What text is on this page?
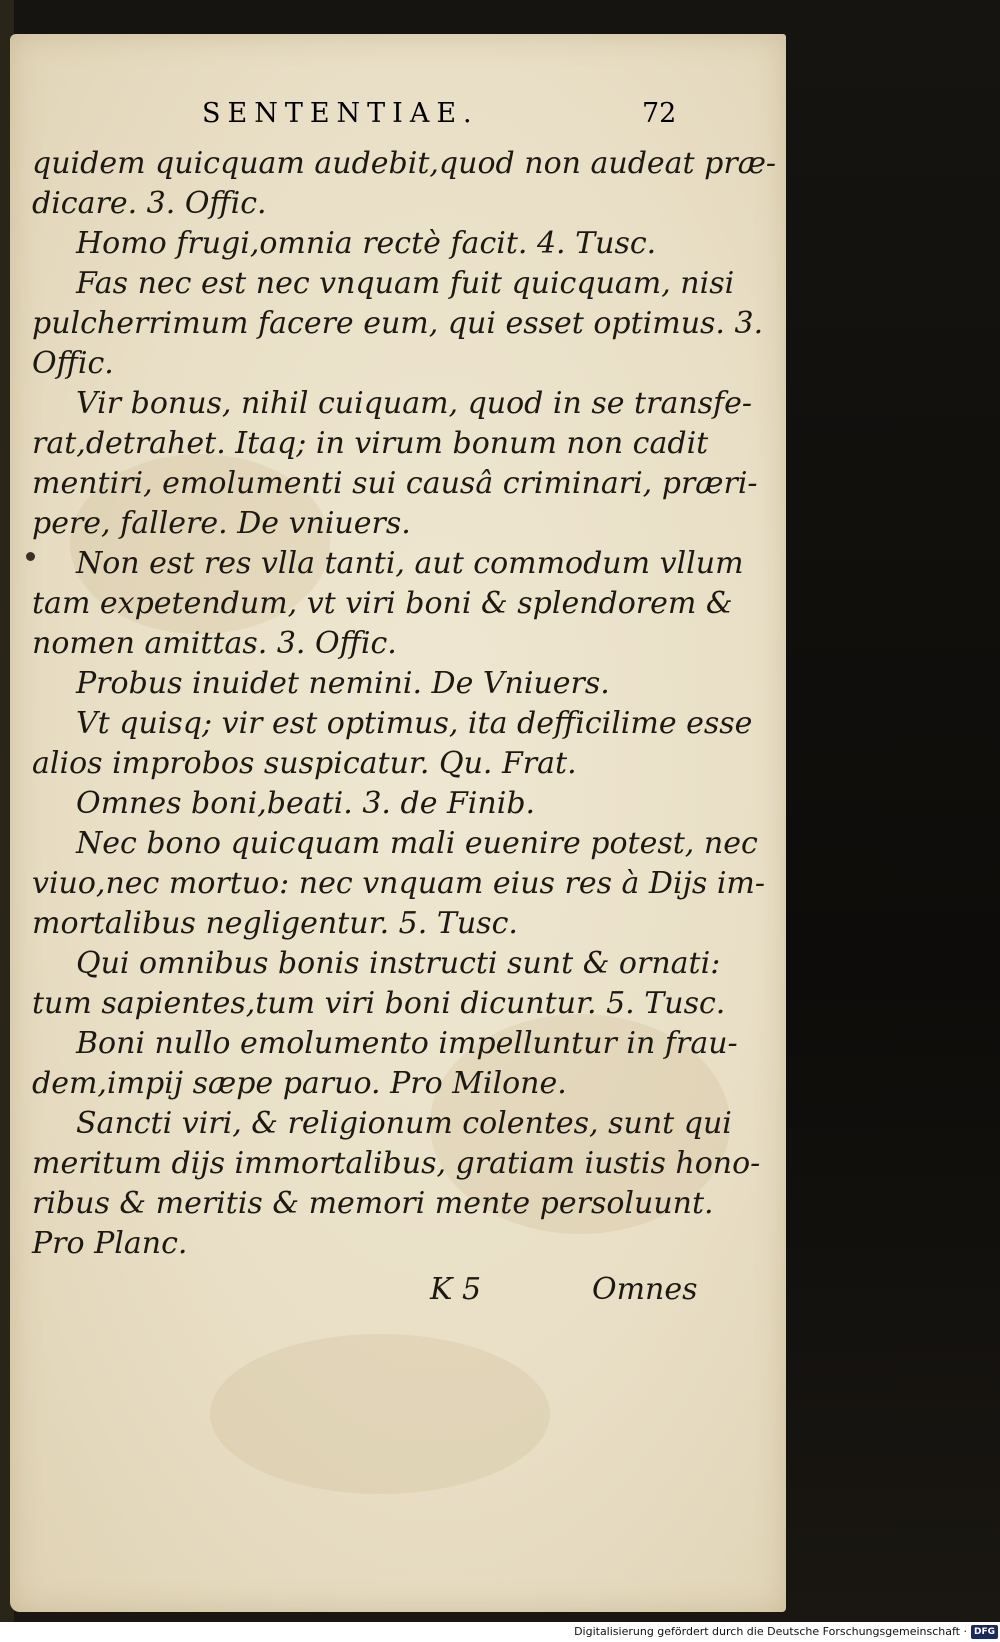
SENTENTIAE.	72
quidem quicquam audebit,quod non audeat præ-
dicare. 3. Offic.
Homo frugi,omnia rectè facit. 4. Tusc.
Fas nec est nec vnquam fuit quicquam, nisi
pulcherrimum facere eum, qui esset optimus. 3.
Offic.
Vir bonus, nihil cuiquam, quod in se transfe-
rat,detrahet. Itaq; in virum bonum non cadit
mentiri, emolumenti sui causâ criminari, præri-
pere, fallere. De vniuers.
Non est res vlla tanti, aut commodum vllum
tam expetendum, vt viri boni & splendorem &
nomen amittas. 3. Offic.
Probus inuidet nemini. De Vniuers.
Vt quisq; vir est optimus, ita defficilime esse
alios improbos suspicatur. Qu. Frat.
Omnes boni,beati. 3. de Finib.
Nec bono quicquam mali euenire potest, nec
viuo,nec mortuo: nec vnquam eius res à Dijs im-
mortalibus negligentur. 5. Tusc.
Qui omnibus bonis instructi sunt & ornati:
tum sapientes,tum viri boni dicuntur. 5. Tusc.
Boni nullo emolumento impelluntur in frau-
dem,impij sæpe paruo. Pro Milone.
Sancti viri, & religionum colentes, sunt qui
meritum dijs immortalibus, gratiam iustis hono-
ribus & meritis & memori mente persoluunt.
Pro Planc.
K 5	Omnes
Digitalisierung gefördert durch die Deutsche Forschungsgemeinschaft · DFG
